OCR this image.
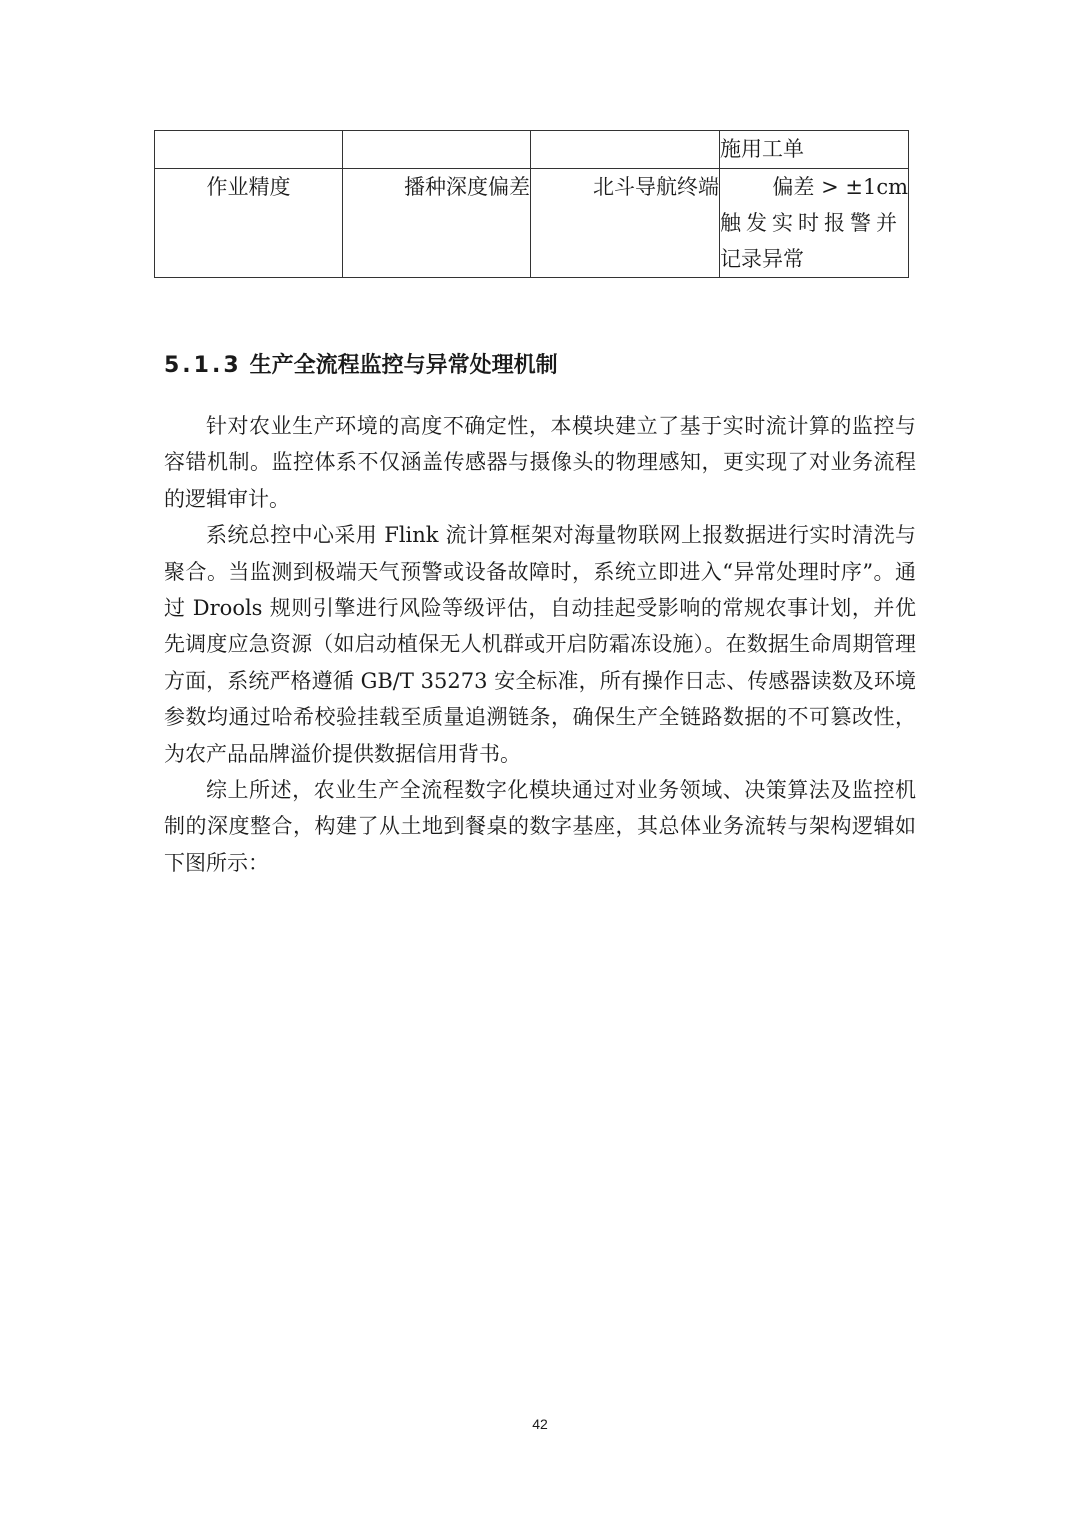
			施用工单

作业精度	播种深度偏差	北斗导航终端	偏差 > ±1cm
触发实时报警并
记录异常
5.1.3 生产全流程监控与异常处理机制

针对农业生产环境的高度不确定性，本模块建立了基于实时流计算的监控与容错机制。监控体系不仅涵盖传感器与摄像头的物理感知，更实现了对业务流程的逻辑审计。

系统总控中心采用 Flink 流计算框架对海量物联网上报数据进行实时清洗与聚合。当监测到极端天气预警或设备故障时，系统立即进入“异常处理时序”。通过 Drools 规则引擎进行风险等级评估，自动挂起受影响的常规农事计划，并优先调度应急资源（如启动植保无人机群或开启防霜冻设施）。在数据生命周期管理方面，系统严格遵循 GB/T 35273 安全标准，所有操作日志、传感器读数及环境参数均通过哈希校验挂载至质量追溯链条，确保生产全链路数据的不可篡改性，为农产品品牌溢价提供数据信用背书。

综上所述，农业生产全流程数字化模块通过对业务领域、决策算法及监控机制的深度整合，构建了从土地到餐桌的数字基座，其总体业务流转与架构逻辑如下图所示：

42
